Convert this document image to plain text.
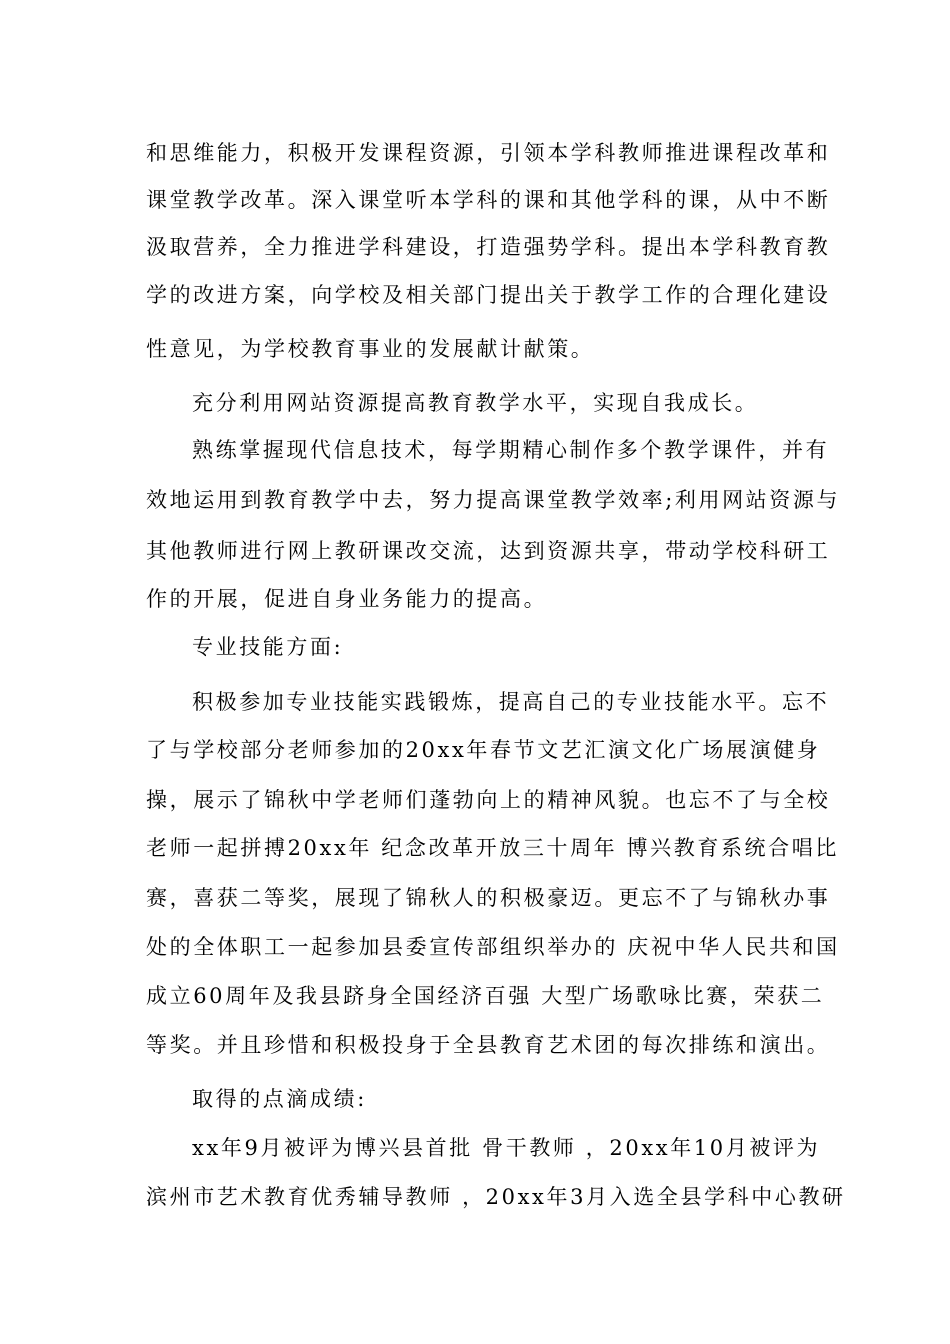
和思维能力，积极开发课程资源，引领本学科教师推进课程改革和
课堂教学改革。深入课堂听本学科的课和其他学科的课，从中不断
汲取营养，全力推进学科建设，打造强势学科。提出本学科教育教
学的改进方案，向学校及相关部门提出关于教学工作的合理化建设
性意见，为学校教育事业的发展献计献策。
充分利用网站资源提高教育教学水平，实现自我成长。
熟练掌握现代信息技术，每学期精心制作多个教学课件，并有
效地运用到教育教学中去，努力提高课堂教学效率;利用网站资源与
其他教师进行网上教研课改交流，达到资源共享，带动学校科研工
作的开展，促进自身业务能力的提高。
专业技能方面:
积极参加专业技能实践锻炼，提高自己的专业技能水平。忘不
了与学校部分老师参加的20xx年春节文艺汇演文化广场展演健身
操，展示了锦秋中学老师们蓬勃向上的精神风貌。也忘不了与全校
老师一起拼搏20xx年 纪念改革开放三十周年 博兴教育系统合唱比
赛，喜获二等奖，展现了锦秋人的积极豪迈。更忘不了与锦秋办事
处的全体职工一起参加县委宣传部组织举办的 庆祝中华人民共和国
成立60周年及我县跻身全国经济百强 大型广场歌咏比赛，荣获二
等奖。并且珍惜和积极投身于全县教育艺术团的每次排练和演出。
取得的点滴成绩:
xx年9月被评为博兴县首批 骨干教师 ，20xx年10月被评为
滨州市艺术教育优秀辅导教师 ，20xx年3月入选全县学科中心教研
